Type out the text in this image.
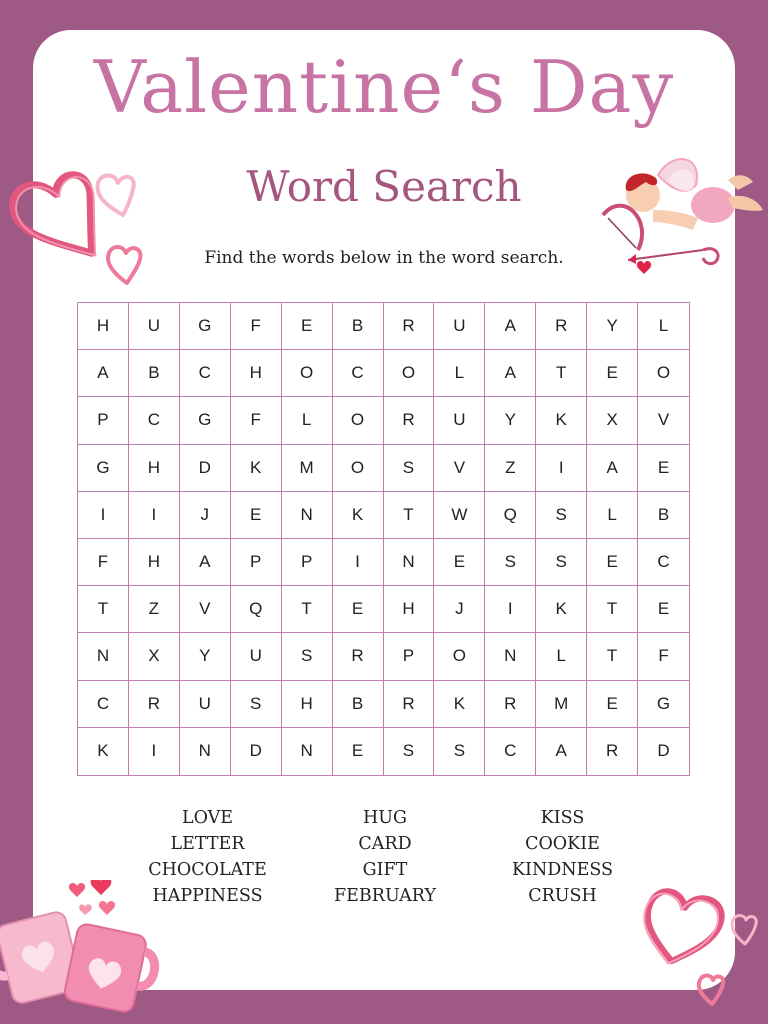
Valentine‘s Day
Word Search
Find the words below in the word search.
H	U	G	F	E	B	R	U	A	R	Y	L
A	B	C	H	O	C	O	L	A	T	E	O
P	C	G	F	L	O	R	U	Y	K	X	V
G	H	D	K	M	O	S	V	Z	I	A	E
I	I	J	E	N	K	T	W	Q	S	L	B
F	H	A	P	P	I	N	E	S	S	E	C
T	Z	V	Q	T	E	H	J	I	K	T	E
N	X	Y	U	S	R	P	O	N	L	T	F
C	R	U	S	H	B	R	K	R	M	E	G
K	I	N	D	N	E	S	S	C	A	R	D
LOVE	HUG	KISS
LETTER	CARD	COOKIE
CHOCOLATE	GIFT	KINDNESS
HAPPINESS	FEBRUARY	CRUSH
